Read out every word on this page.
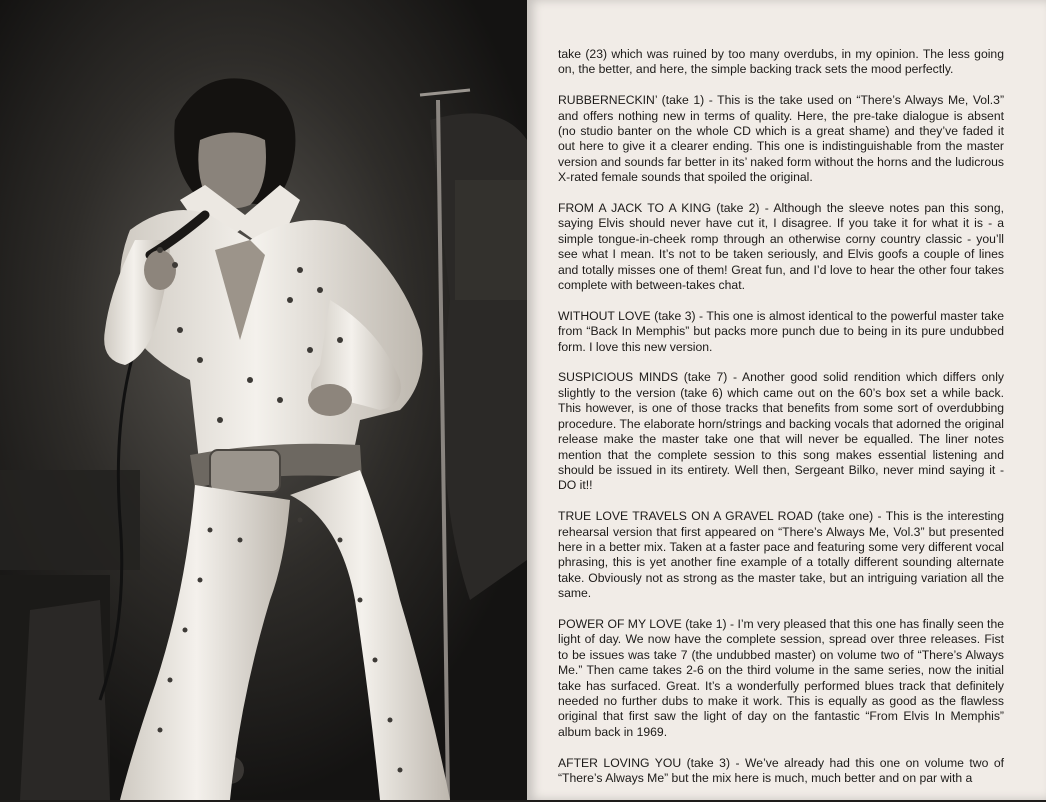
take (23) which was ruined by too many overdubs, in my opinion. The less going on, the better, and here, the simple backing track sets the mood perfectly.

RUBBERNECKIN’ (take 1) - This is the take used on “There’s Always Me, Vol.3” and offers nothing new in terms of quality. Here, the pre-take dialogue is absent (no studio banter on the whole CD which is a great shame) and they’ve faded it out here to give it a clearer ending. This one is indistinguishable from the master version and sounds far better in its’ naked form without the horns and the ludicrous X-rated female sounds that spoiled the original.

FROM A JACK TO A KING (take 2) - Although the sleeve notes pan this song, saying Elvis should never have cut it, I disagree. If you take it for what it is - a simple tongue-in-cheek romp through an otherwise corny country classic - you’ll see what I mean. It’s not to be taken seriously, and Elvis goofs a couple of lines and totally misses one of them! Great fun, and I’d love to hear the other four takes complete with between-takes chat.

WITHOUT LOVE (take 3) - This one is almost identical to the powerful master take from “Back In Memphis” but packs more punch due to being in its pure undubbed form. I love this new version.

SUSPICIOUS MINDS (take 7) - Another good solid rendition which differs only slightly to the version (take 6) which came out on the 60’s box set a while back. This however, is one of those tracks that benefits from some sort of overdubbing procedure. The elaborate horn/strings and backing vocals that adorned the original release make the master take one that will never be equalled. The liner notes mention that the complete session to this song makes essential listening and should be issued in its entirety. Well then, Sergeant Bilko, never mind saying it - DO it!!

TRUE LOVE TRAVELS ON A GRAVEL ROAD (take one) - This is the interesting rehearsal version that first appeared on “There’s Always Me, Vol.3” but presented here in a better mix. Taken at a faster pace and featuring some very different vocal phrasing, this is yet another fine example of a totally different sounding alternate take. Obviously not as strong as the master take, but an intriguing variation all the same.

POWER OF MY LOVE (take 1) - I’m very pleased that this one has finally seen the light of day. We now have the complete session, spread over three releases. Fist to be issues was take 7 (the undubbed master) on volume two of “There’s Always Me.” Then came takes 2-6 on the third volume in the same series, now the initial take has surfaced. Great. It’s a wonderfully performed blues track that definitely needed no further dubs to make it work. This is equally as good as the flawless original that first saw the light of day on the fantastic “From Elvis In Memphis” album back in 1969.

AFTER LOVING YOU (take 3) - We’ve already had this one on volume two of “There’s Always Me” but the mix here is much, much better and on par with a
